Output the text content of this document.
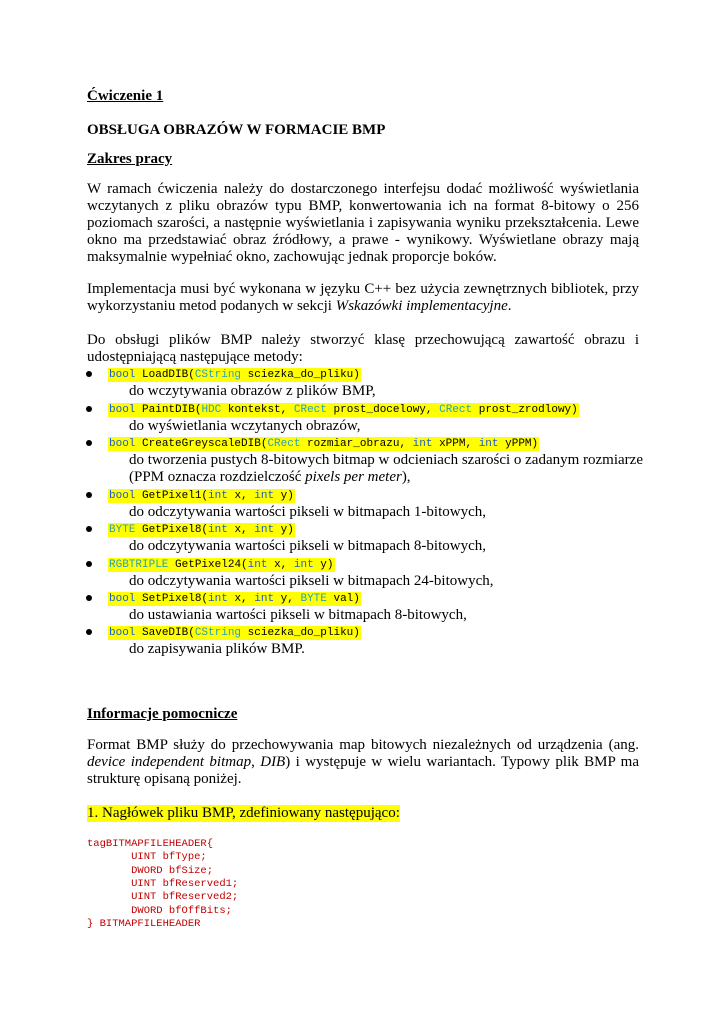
Ćwiczenie 1
OBSŁUGA OBRAZÓW W FORMACIE BMP
Zakres pracy
W ramach ćwiczenia należy do dostarczonego interfejsu dodać możliwość wyświetlania
wczytanych z pliku obrazów typu BMP, konwertowania ich na format 8-bitowy o 256
poziomach szarości, a następnie wyświetlania i zapisywania wyniku przekształcenia. Lewe
okno ma przedstawiać obraz źródłowy, a prawe - wynikowy. Wyświetlane obrazy mają
maksymalnie wypełniać okno, zachowując jednak proporcje boków.
Implementacja musi być wykonana w języku C++ bez użycia zewnętrznych bibliotek, przy
wykorzystaniu metod podanych w sekcji Wskazówki implementacyjne.
Do obsługi plików BMP należy stworzyć klasę przechowującą zawartość obrazu i
udostępniającą następujące metody:
bool LoadDIB(CString sciezka_do_pliku)
do wczytywania obrazów z plików BMP,
bool PaintDIB(HDC kontekst, CRect prost_docelowy, CRect prost_zrodlowy)
do wyświetlania wczytanych obrazów,
bool CreateGreyscaleDIB(CRect rozmiar_obrazu, int xPPM, int yPPM)
do tworzenia pustych 8-bitowych bitmap w odcieniach szarości o zadanym rozmiarze
(PPM oznacza rozdzielczość pixels per meter),
bool GetPixel1(int x, int y)
do odczytywania wartości pikseli w bitmapach 1-bitowych,
BYTE GetPixel8(int x, int y)
do odczytywania wartości pikseli w bitmapach 8-bitowych,
RGBTRIPLE GetPixel24(int x, int y)
do odczytywania wartości pikseli w bitmapach 24-bitowych,
bool SetPixel8(int x, int y, BYTE val)
do ustawiania wartości pikseli w bitmapach 8-bitowych,
bool SaveDIB(CString sciezka_do_pliku)
do zapisywania plików BMP.
Informacje pomocnicze
Format BMP służy do przechowywania map bitowych niezależnych od urządzenia (ang.
device independent bitmap, DIB) i występuje w wielu wariantach. Typowy plik BMP ma
strukturę opisaną poniżej.
1. Nagłówek pliku BMP, zdefiniowany następująco:
tagBITMAPFILEHEADER{
UINT bfType;
DWORD bfSize;
UINT bfReserved1;
UINT bfReserved2;
DWORD bfOffBits;
} BITMAPFILEHEADER
